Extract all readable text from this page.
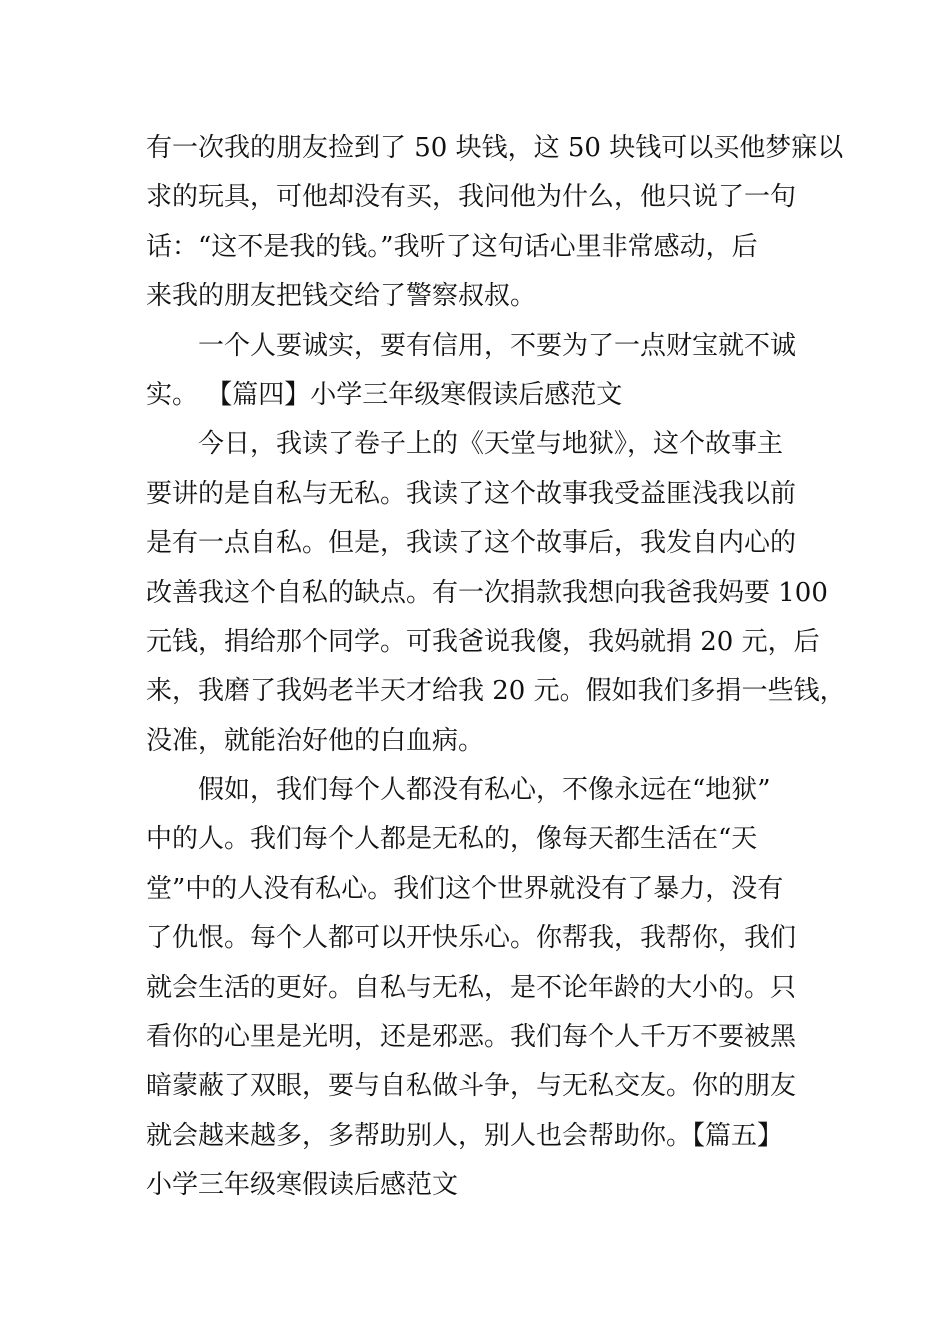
有一次我的朋友捡到了 50 块钱，这 50 块钱可以买他梦寐以
求的玩具，可他却没有买，我问他为什么，他只说了一句
话：“这不是我的钱。”我听了这句话心里非常感动，后
来我的朋友把钱交给了警察叔叔。
一个人要诚实，要有信用，不要为了一点财宝就不诚
实。 【篇四】小学三年级寒假读后感范文
今日，我读了卷子上的《天堂与地狱》，这个故事主
要讲的是自私与无私。我读了这个故事我受益匪浅我以前
是有一点自私。但是，我读了这个故事后，我发自内心的
改善我这个自私的缺点。有一次捐款我想向我爸我妈要 100
元钱，捐给那个同学。可我爸说我傻，我妈就捐 20 元，后
来，我磨了我妈老半天才给我 20 元。假如我们多捐一些钱，
没准，就能治好他的白血病。
假如，我们每个人都没有私心，不像永远在“地狱”
中的人。我们每个人都是无私的，像每天都生活在“天
堂”中的人没有私心。我们这个世界就没有了暴力，没有
了仇恨。每个人都可以开快乐心。你帮我，我帮你，我们
就会生活的更好。自私与无私，是不论年龄的大小的。只
看你的心里是光明，还是邪恶。我们每个人千万不要被黑
暗蒙蔽了双眼，要与自私做斗争，与无私交友。你的朋友
就会越来越多，多帮助别人，别人也会帮助你。【篇五】
小学三年级寒假读后感范文
